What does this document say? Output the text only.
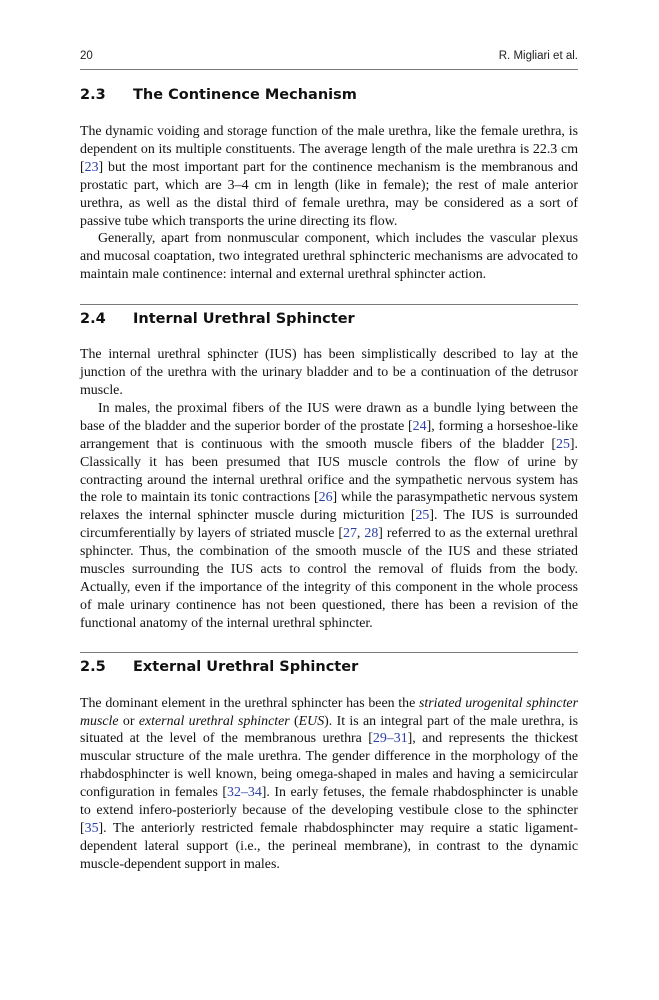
20	R. Migliari et al.
2.3	The Continence Mechanism

The dynamic voiding and storage function of the male urethra, like the female urethra, is dependent on its multiple constituents. The average length of the male urethra is 22.3 cm [23] but the most important part for the continence mechanism is the membranous and prostatic part, which are 3–4 cm in length (like in female); the rest of male anterior urethra, as well as the distal third of female urethra, may be considered as a sort of passive tube which transports the urine directing its flow.

Generally, apart from nonmuscular component, which includes the vascular plexus and mucosal coaptation, two integrated urethral sphincteric mechanisms are advocated to maintain male continence: internal and external urethral sphincter action.

2.4	Internal Urethral Sphincter

The internal urethral sphincter (IUS) has been simplistically described to lay at the junction of the urethra with the urinary bladder and to be a continuation of the detrusor muscle.

In males, the proximal fibers of the IUS were drawn as a bundle lying between the base of the bladder and the superior border of the prostate [24], forming a horseshoe-like arrangement that is continuous with the smooth muscle fibers of the bladder [25]. Classically it has been presumed that IUS muscle controls the flow of urine by contracting around the internal urethral orifice and the sympathetic nervous system has the role to maintain its tonic contractions [26] while the parasympathetic nervous system relaxes the internal sphincter muscle during micturition [25]. The IUS is surrounded circumferentially by layers of striated muscle [27, 28] referred to as the external urethral sphincter. Thus, the combination of the smooth muscle of the IUS and these striated muscles surrounding the IUS acts to control the removal of fluids from the body. Actually, even if the importance of the integrity of this component in the whole process of male urinary continence has not been questioned, there has been a revision of the functional anatomy of the internal urethral sphincter.

2.5	External Urethral Sphincter

The dominant element in the urethral sphincter has been the striated urogenital sphincter muscle or external urethral sphincter (EUS). It is an integral part of the male urethra, is situated at the level of the membranous urethra [29–31], and represents the thickest muscular structure of the male urethra. The gender difference in the morphology of the rhabdosphincter is well known, being omega-shaped in males and having a semicircular configuration in females [32–34]. In early fetuses, the female rhabdosphincter is unable to extend infero-posteriorly because of the developing vestibule close to the sphincter [35]. The anteriorly restricted female rhabdosphincter may require a static ligament-dependent lateral support (i.e., the perineal membrane), in contrast to the dynamic muscle-dependent support in males.
